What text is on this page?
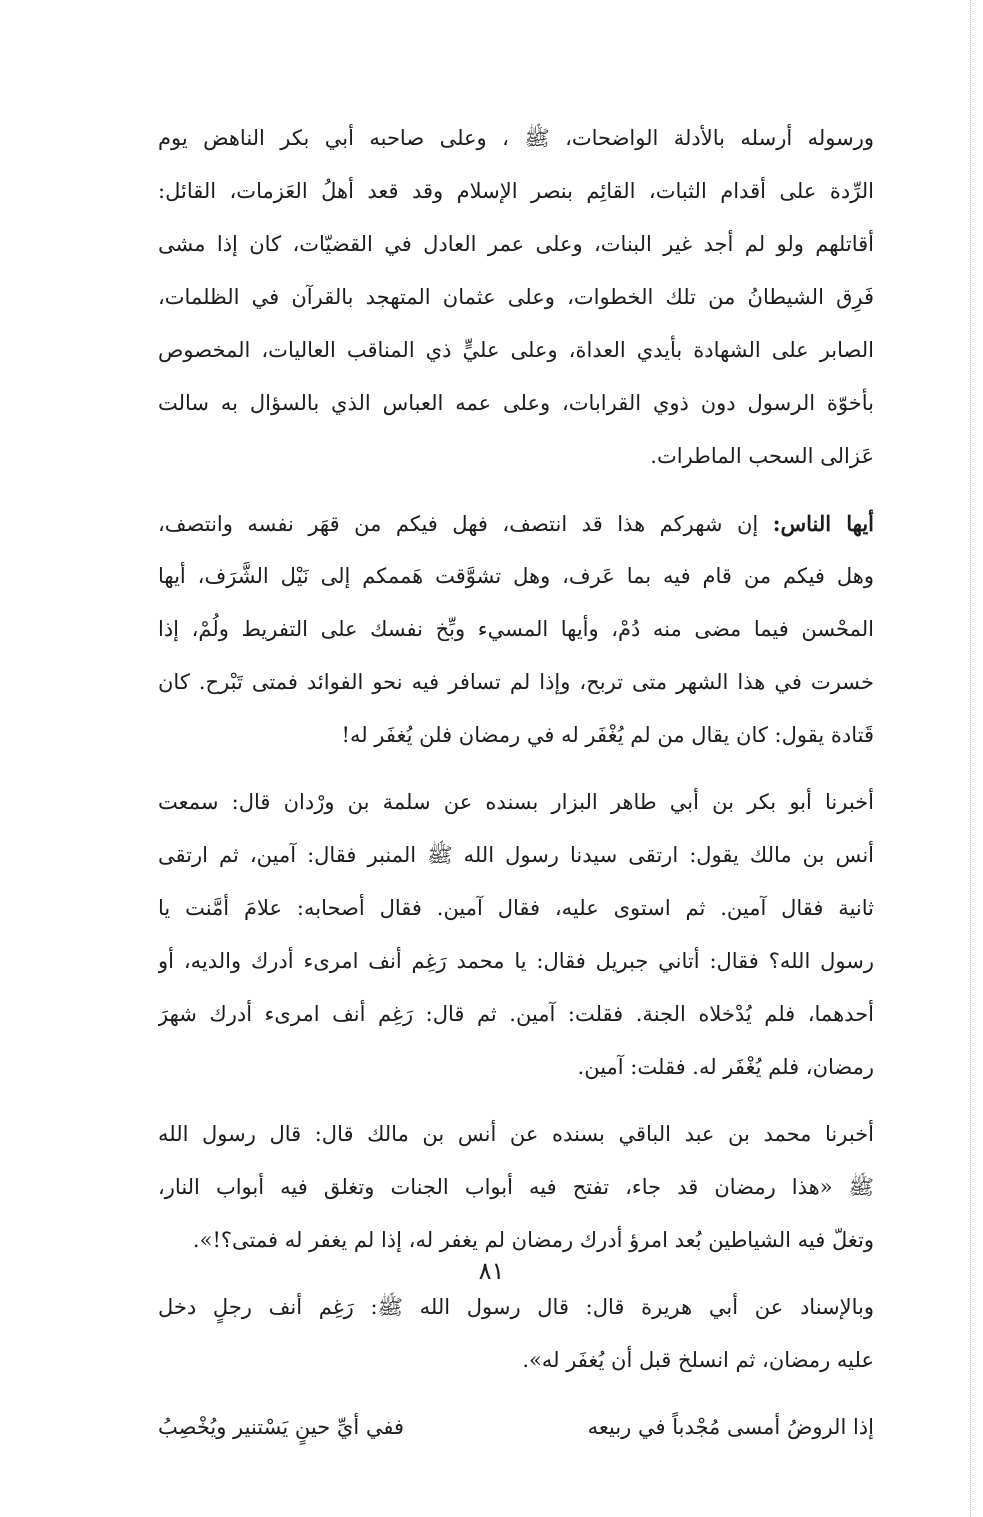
ورسوله أرسله بالأدلة الواضحات، ﷺ ، وعلى صاحبه أبي بكر الناهض يوم
الرِّدة على أقدام الثبات، القائِم بنصر الإسلام وقد قعد أهلُ العَزمات، القائل:
أقاتلهم ولو لم أجد غير البنات، وعلى عمر العادل في القضيّات، كان إذا مشى
فَرِق الشيطانُ من تلك الخطوات، وعلى عثمان المتهجد بالقرآن في الظلمات،
الصابر على الشهادة بأيدي العداة، وعلى عليٍّ ذي المناقب العاليات، المخصوص
بأخوّة الرسول دون ذوي القرابات، وعلى عمه العباس الذي بالسؤال به سالت
عَزالى السحب الماطرات.
أيها الناس: إن شهركم هذا قد انتصف، فهل فيكم من قهَر نفسه وانتصف،
وهل فيكم من قام فيه بما عَرف، وهل تشوَّقت هَممكم إلى نَيْل الشَّرَف، أيها
المحْسن فيما مضى منه دُمْ، وأيها المسيء وبِّخ نفسك على التفريط ولُمْ، إذا
خسرت في هذا الشهر متى تربح، وإذا لم تسافر فيه نحو الفوائد فمتى تَبْرح. كان
قَتادة يقول: كان يقال من لم يُغْفَر له في رمضان فلن يُغفَر له!
أخبرنا أبو بكر بن أبي طاهر البزار بسنده عن سلمة بن ورْدان قال: سمعت
أنس بن مالك يقول: ارتقى سيدنا رسول الله ﷺ المنبر فقال: آمين، ثم ارتقى
ثانية فقال آمين. ثم استوى عليه، فقال آمين. فقال أصحابه: علامَ أمَّنت يا
رسول الله؟ فقال: أتاني جبريل فقال: يا محمد رَغِم أنف امرىء أدرك والديه، أو
أحدهما، فلم يُدْخلاه الجنة. فقلت: آمين. ثم قال: رَغِم أنف امرىء أدرك شهرَ
رمضان، فلم يُغْفَر له. فقلت: آمين.
أخبرنا محمد بن عبد الباقي بسنده عن أنس بن مالك قال: قال رسول الله
ﷺ «هذا رمضان قد جاء، تفتح فيه أبواب الجنات وتغلق فيه أبواب النار،
وتغلّ فيه الشياطين بُعد امرؤ أدرك رمضان لم يغفر له، إذا لم يغفر له فمتى؟!».
وبالإسناد عن أبي هريرة قال: قال رسول الله ﷺ: رَغِم أنف رجلٍ دخل
عليه رمضان، ثم انسلخ قبل أن يُغفَر له».
إذا الروضُ أمسى مُجْدباً في ربيعه
ففي أيِّ حينٍ يَسْتنير ويُخْصِبُ
٨١
